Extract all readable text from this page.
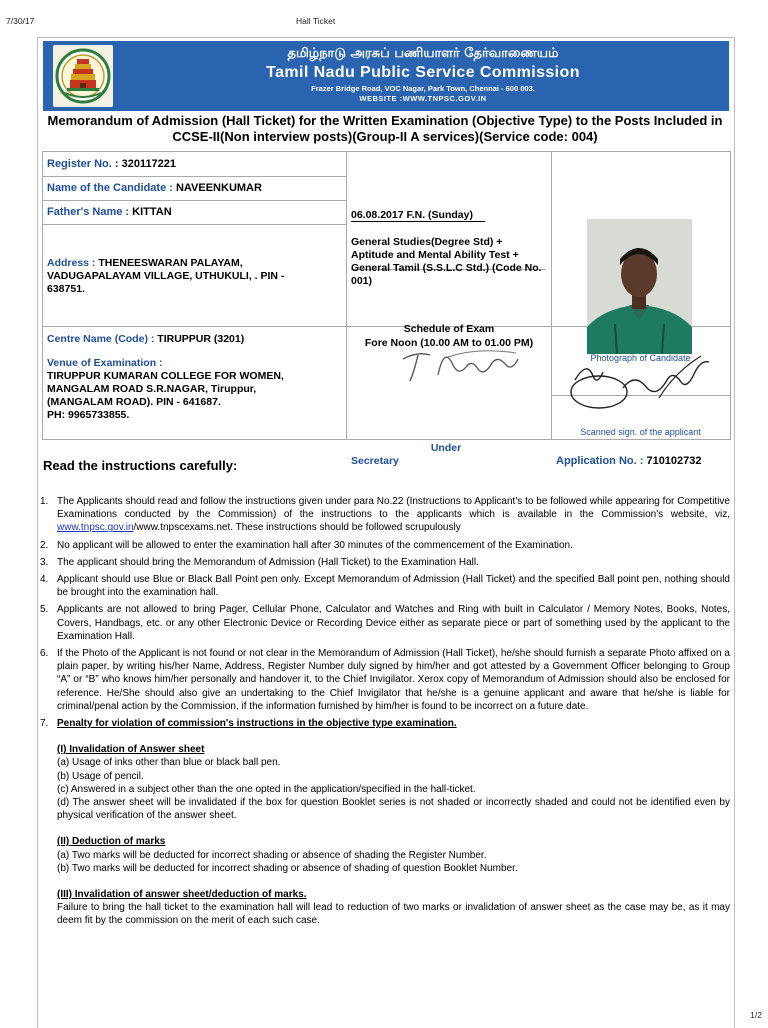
7/30/17	Hall Ticket
தமிழ்நாடு அரசுப் பணியாளர் தேர்வாணையம்
Tamil Nadu Public Service Commission
Frazer Bridge Road, VOC Nagar, Park Town, Chennai - 600 003.
WEBSITE :WWW.TNPSC.GOV.IN
Memorandum of Admission (Hall Ticket) for the Written Examination (Objective Type) to the Posts Included in CCSE-II(Non interview posts)(Group-II A services)(Service code: 004)
Register No. : 320117221
Name of the Candidate : NAVEENKUMAR
Father's Name : KITTAN
Address : THENEESWARAN PALAYAM, VADUGAPALAYAM VILLAGE, UTHUKULI, . PIN - 638751.
Centre Name (Code) : TIRUPPUR (3201)
Venue of Examination :
TIRUPPUR KUMARAN COLLEGE FOR WOMEN, MANGALAM ROAD S.R.NAGAR, Tiruppur, (MANGALAM ROAD). PIN - 641687.
PH: 9965733855.
06.08.2017 F.N. (Sunday)
General Studies(Degree Std) + Aptitude and Mental Ability Test + General Tamil (S.S.L.C Std.) (Code No. 001)
Schedule of Exam
Fore Noon (10.00 AM to 01.00 PM)
Photograph of Candidate
Under
Secretary
Scanned sign. of the applicant
Application No. : 710102732
Read the instructions carefully:
1. The Applicants should read and follow the instructions given under para No.22 (Instructions to Applicant's to be followed while appearing for Competitive Examinations conducted by the Commission) of the instructions to the applicants which is available in the Commission's website, viz, www.tnpsc.gov.in/www.tnpscexams.net. These instructions should be followed scrupulously
2. No applicant will be allowed to enter the examination hall after 30 minutes of the commencement of the Examination.
3. The applicant should bring the Memorandum of Admission (Hall Ticket) to the Examination Hall.
4. Applicant should use Blue or Black Ball Point pen only. Except Memorandum of Admission (Hall Ticket) and the specified Ball point pen, nothing should be brought into the examination hall.
5. Applicants are not allowed to bring Pager, Cellular Phone, Calculator and Watches and Ring with built in Calculator / Memory Notes, Books, Notes, Covers, Handbags, etc. or any other Electronic Device or Recording Device either as separate piece or part of something used by the applicant to the Examination Hall.
6. If the Photo of the Applicant is not found or not clear in the Memorandum of Admission (Hall Ticket), he/she should furnish a separate Photo affixed on a plain paper, by writing his/her Name, Address, Register Number duly signed by him/her and got attested by a Government Officer belonging to Group “A” or “B” who knows him/her personally and handover it, to the Chief Invigilator. Xerox copy of Memorandum of Admission should also be enclosed for reference. He/She should also give an undertaking to the Chief Invigilator that he/she is a genuine applicant and aware that he/she is liable for criminal/penal action by the Commission, if the information furnished by him/her is found to be incorrect on a future date.
7. Penalty for violation of commission's instructions in the objective type examination.
(I) Invalidation of Answer sheet
(a) Usage of inks other than blue or black ball pen.
(b) Usage of pencil.
(c) Answered in a subject other than the one opted in the application/specified in the hall-ticket.
(d) The answer sheet will be invalidated if the box for question Booklet series is not shaded or incorrectly shaded and could not be identified even by physical verification of the answer sheet.
(II) Deduction of marks
(a) Two marks will be deducted for incorrect shading or absence of shading the Register Number.
(b) Two marks will be deducted for incorrect shading or absence of shading of question Booklet Number.
(III) Invalidation of answer sheet/deduction of marks.
Failure to bring the hall ticket to the examination hall will lead to reduction of two marks or invalidation of answer sheet as the case may be, as it may deem fit by the commission on the merit of each such case.
1/2
